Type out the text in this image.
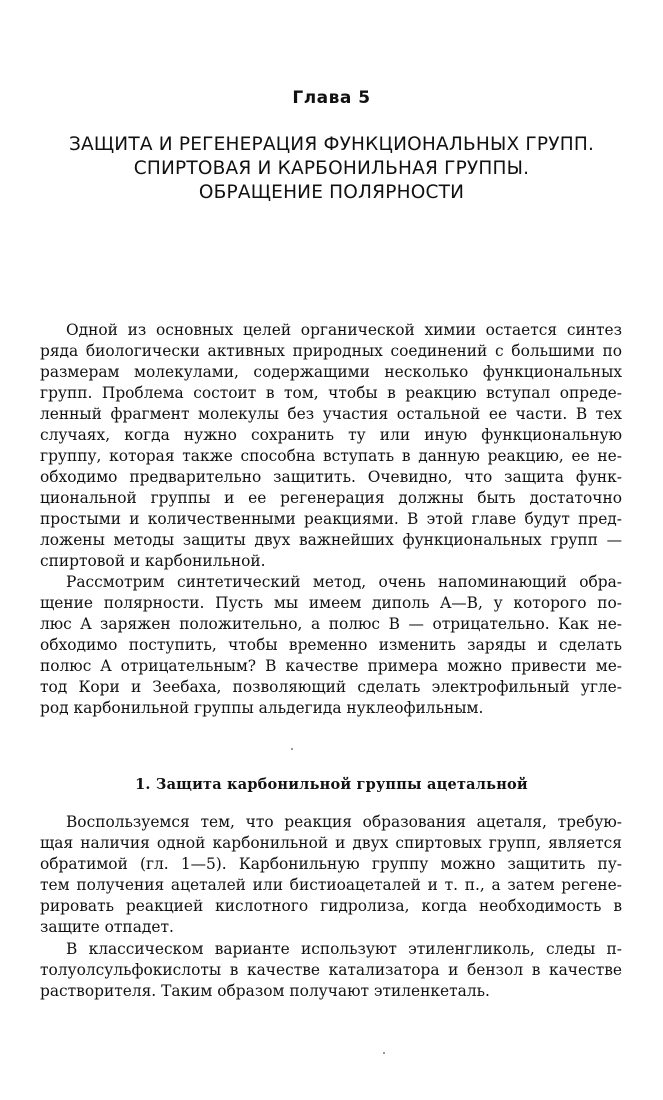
Глава 5
ЗАЩИТА И РЕГЕНЕРАЦИЯ ФУНКЦИОНАЛЬНЫХ ГРУПП.
СПИРТОВАЯ И КАРБОНИЛЬНАЯ ГРУППЫ.
ОБРАЩЕНИЕ ПОЛЯРНОСТИ
Одной из основных целей органической химии остается синтез
ряда биологически активных природных соединений с большими по
размерам молекулами, содержащими несколько функциональных
групп. Проблема состоит в том, чтобы в реакцию вступал опреде-
ленный фрагмент молекулы без участия остальной ее части. В тех
случаях, когда нужно сохранить ту или иную функциональную
группу, которая также способна вступать в данную реакцию, ее не-
обходимо предварительно защитить. Очевидно, что защита функ-
циональной группы и ее регенерация должны быть достаточно
простыми и количественными реакциями. В этой главе будут пред-
ложены методы защиты двух важнейших функциональных групп —
спиртовой и карбонильной.
Рассмотрим синтетический метод, очень напоминающий обра-
щение полярности. Пусть мы имеем диполь A—B, у которого по-
люс A заряжен положительно, а полюс B — отрицательно. Как не-
обходимо поступить, чтобы временно изменить заряды и сделать
полюс A отрицательным? В качестве примера можно привести ме-
тод Кори и Зеебаха, позволяющий сделать электрофильный угле-
род карбонильной группы альдегида нуклеофильным.
1. Защита карбонильной группы ацетальной
Воспользуемся тем, что реакция образования ацеталя, требую-
щая наличия одной карбонильной и двух спиртовых групп, является
обратимой (гл. 1—5). Карбонильную группу можно защитить пу-
тем получения ацеталей или бистиоацеталей и т. п., а затем регене-
рировать реакцией кислотного гидролиза, когда необходимость в
защите отпадет.
В классическом варианте используют этиленгликоль, следы п-
толуолсульфокислоты в качестве катализатора и бензол в качестве
растворителя. Таким образом получают этиленкеталь.
